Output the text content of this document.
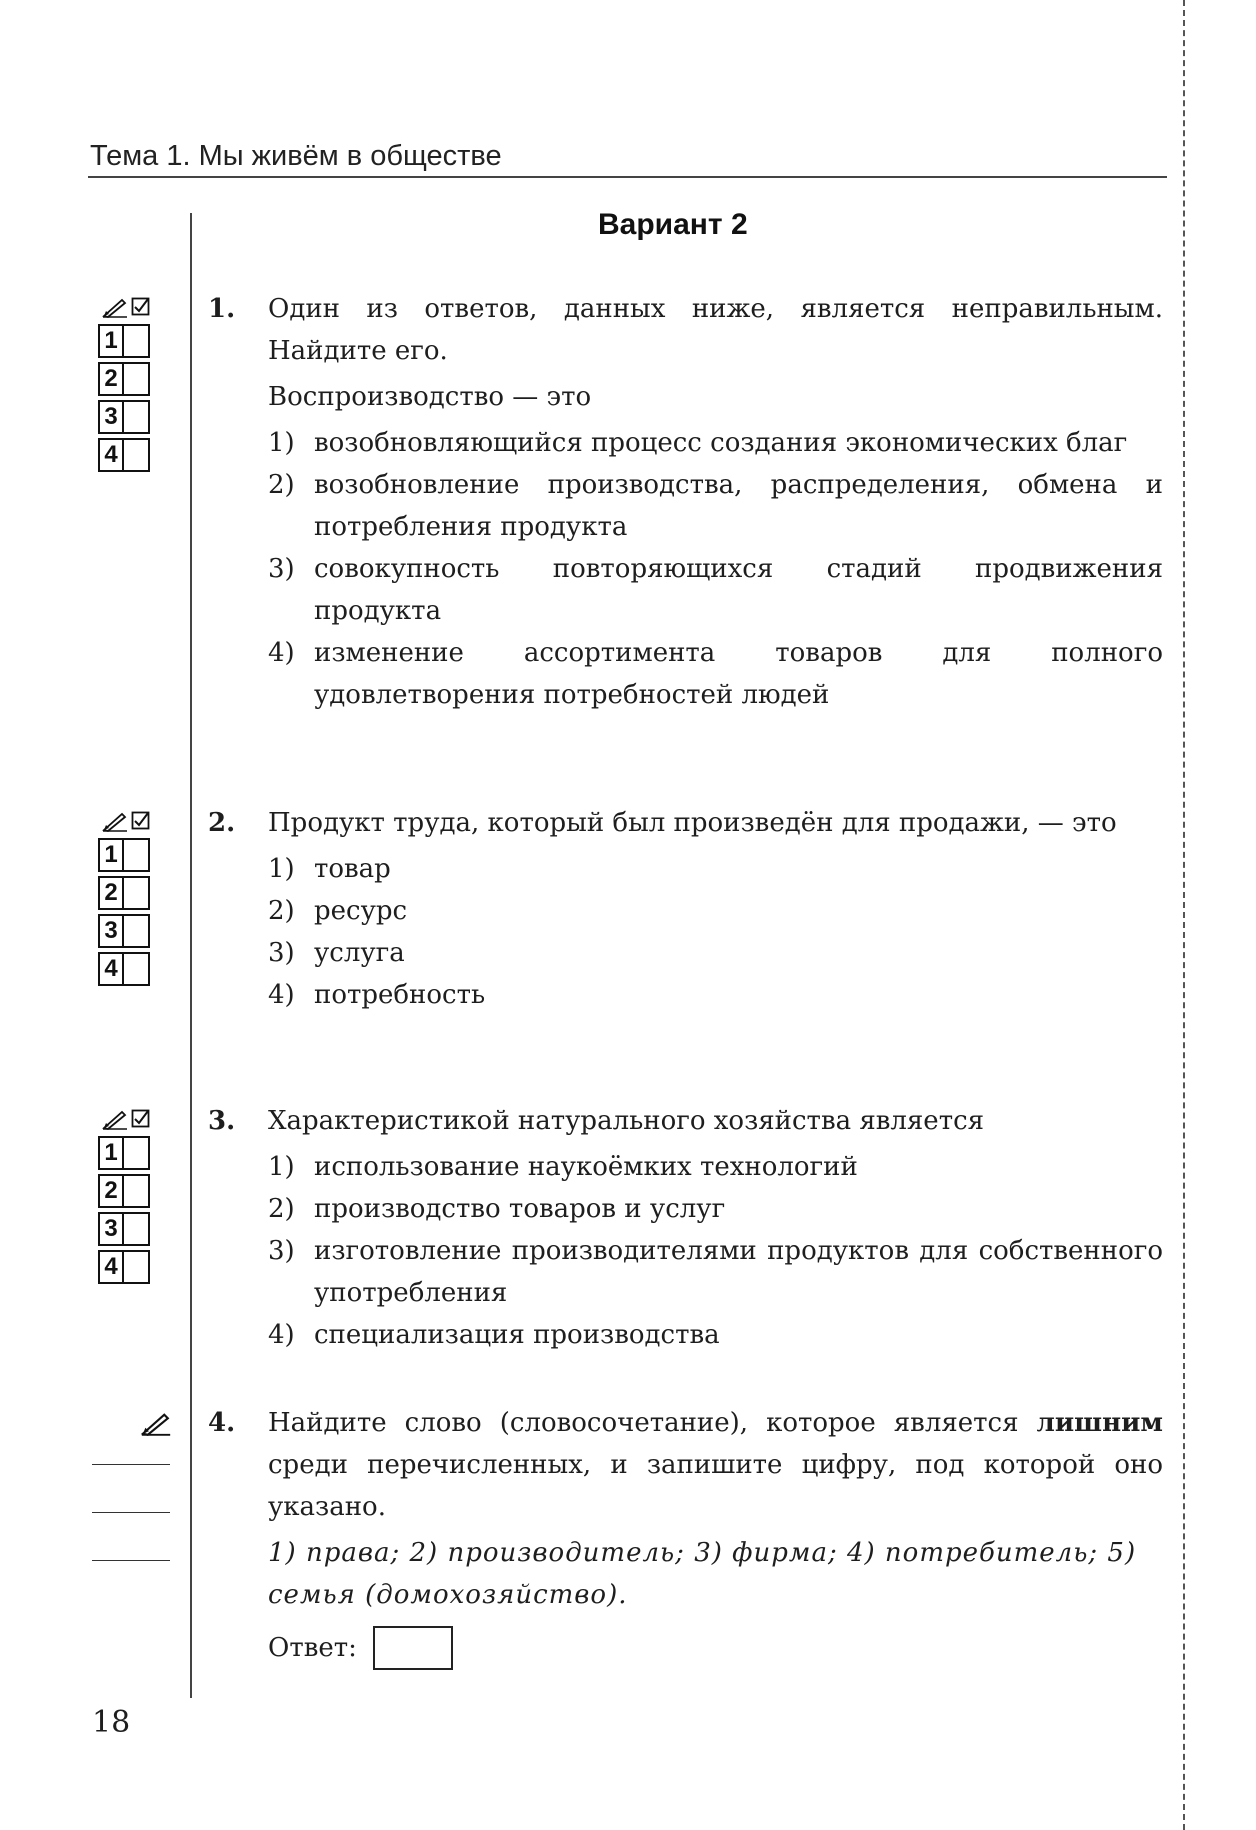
Тема 1. Мы живём в обществе
Вариант 2
1
2
3
4
1
2
3
4
1
2
3
4
1. Один из ответов, данных ниже, является неправильным. Найдите его.
Воспроизводство — это
1) возобновляющийся процесс создания экономических благ
2) возобновление производства, распределения, обмена и потребления продукта
3) совокупность повторяющихся стадий продвижения продукта
4) изменение ассортимента товаров для полного удовлетворения потребностей людей
2. Продукт труда, который был произведён для продажи, — это
1) товар
2) ресурс
3) услуга
4) потребность
3. Характеристикой натурального хозяйства является
1) использование наукоёмких технологий
2) производство товаров и услуг
3) изготовление производителями продуктов для собственного употребления
4) специализация производства
4. Найдите слово (словосочетание), которое является лишним среди перечисленных, и запишите цифру, под которой оно указано.
1) права; 2) производитель; 3) фирма; 4) потребитель; 5) семья (домохозяйство).
Ответ:
18
